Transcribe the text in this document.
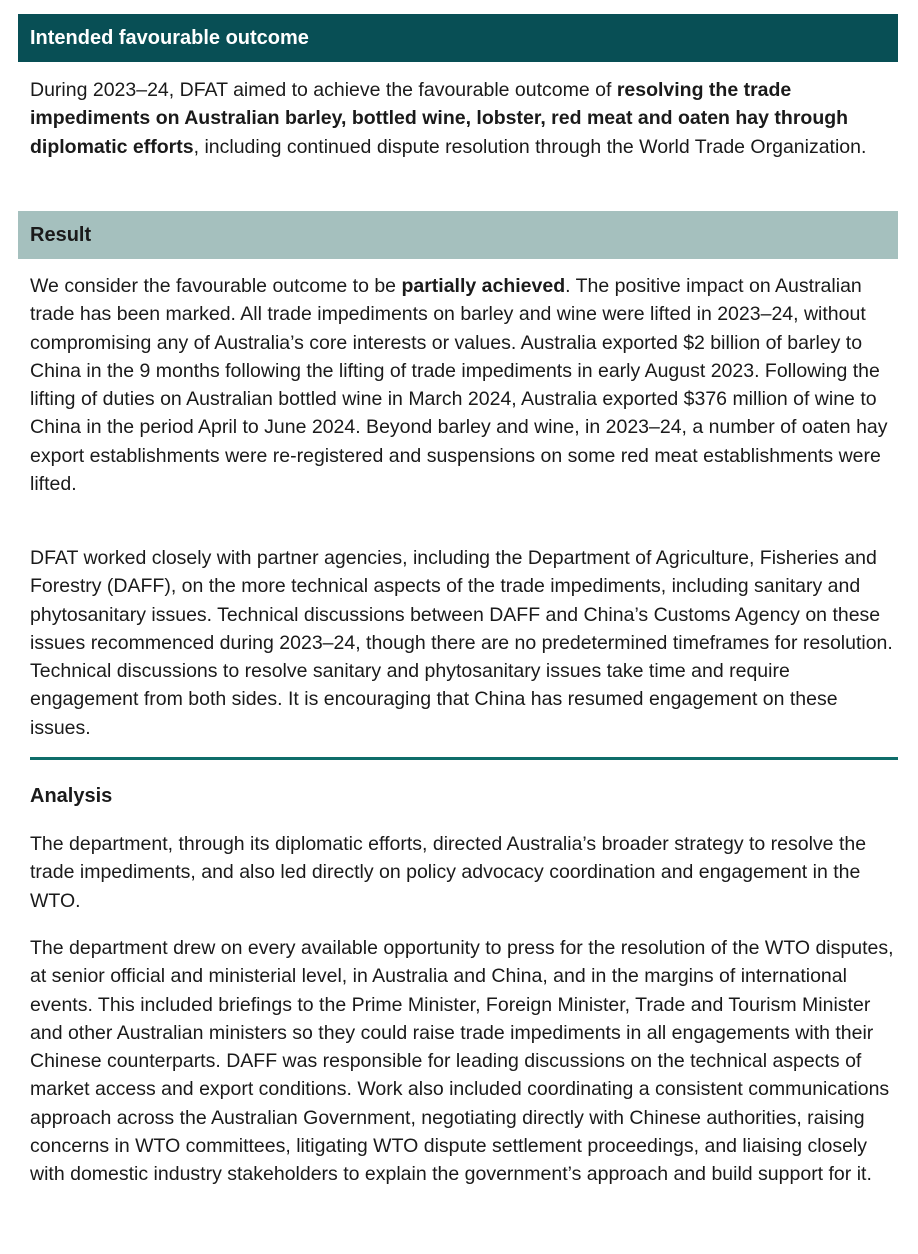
Intended favourable outcome

During 2023–24, DFAT aimed to achieve the favourable outcome of resolving the trade impediments on Australian barley, bottled wine, lobster, red meat and oaten hay through diplomatic efforts, including continued dispute resolution through the World Trade Organization.

Result

We consider the favourable outcome to be partially achieved. The positive impact on Australian trade has been marked. All trade impediments on barley and wine were lifted in 2023–24, without compromising any of Australia’s core interests or values. Australia exported $2 billion of barley to China in the 9 months following the lifting of trade impediments in early August 2023. Following the lifting of duties on Australian bottled wine in March 2024, Australia exported $376 million of wine to China in the period April to June 2024. Beyond barley and wine, in 2023–24, a number of oaten hay export establishments were re-registered and suspensions on some red meat establishments were lifted.

DFAT worked closely with partner agencies, including the Department of Agriculture, Fisheries and Forestry (DAFF), on the more technical aspects of the trade impediments, including sanitary and phytosanitary issues. Technical discussions between DAFF and China’s Customs Agency on these issues recommenced during 2023–24, though there are no predetermined timeframes for resolution. Technical discussions to resolve sanitary and phytosanitary issues take time and require engagement from both sides. It is encouraging that China has resumed engagement on these issues.

Analysis

The department, through its diplomatic efforts, directed Australia’s broader strategy to resolve the trade impediments, and also led directly on policy advocacy coordination and engagement in the WTO.

The department drew on every available opportunity to press for the resolution of the WTO disputes, at senior official and ministerial level, in Australia and China, and in the margins of international events. This included briefings to the Prime Minister, Foreign Minister, Trade and Tourism Minister and other Australian ministers so they could raise trade impediments in all engagements with their Chinese counterparts. DAFF was responsible for leading discussions on the technical aspects of market access and export conditions. Work also included coordinating a consistent communications approach across the Australian Government, negotiating directly with Chinese authorities, raising concerns in WTO committees, litigating WTO dispute settlement proceedings, and liaising closely with domestic industry stakeholders to explain the government’s approach and build support for it.
